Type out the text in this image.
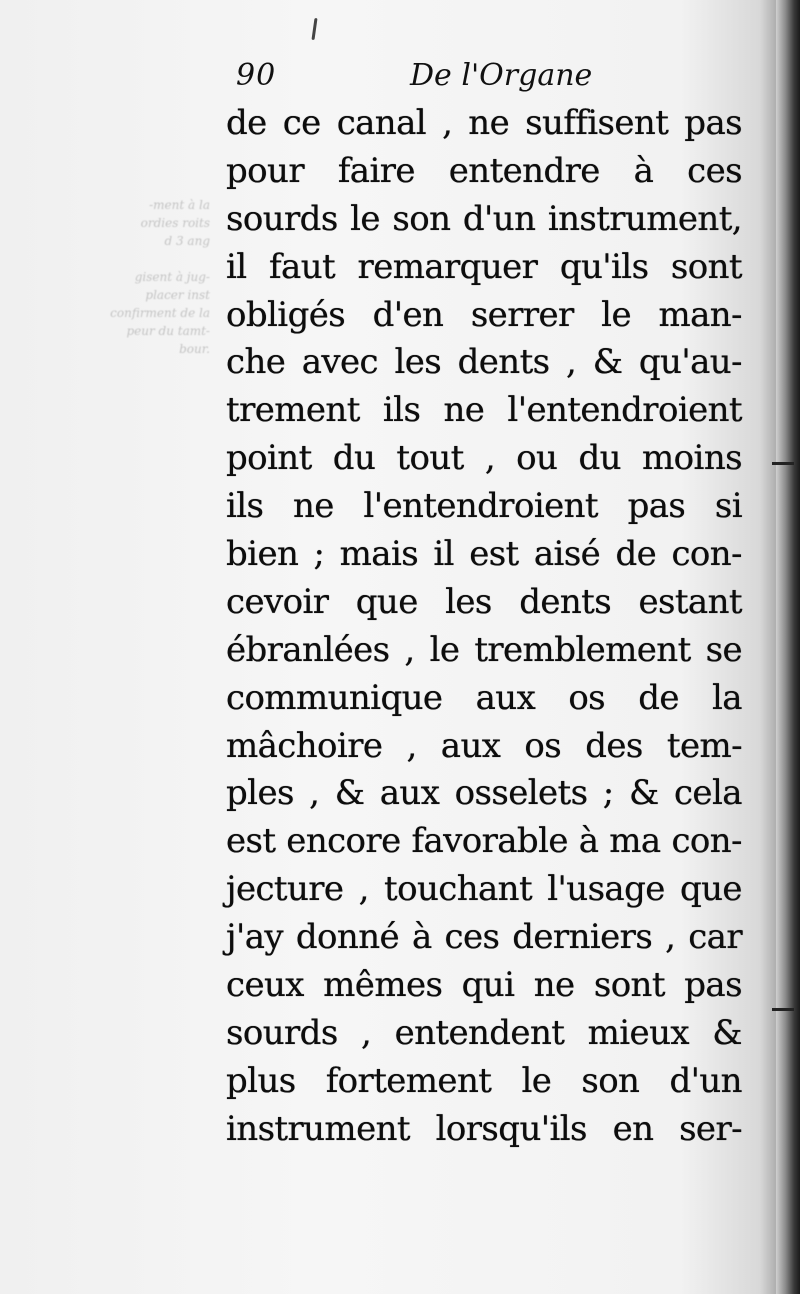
-ment à la
ordies roits
d 3 ang
gisent à jug-
placer inst
confirment de la
peur du tamt-
bour.
90	De l'Organe
de ce canal , ne suffisent pas
pour faire entendre à ces
sourds le son d'un instrument,
il faut remarquer qu'ils sont
obligés d'en serrer le man-
che avec les dents , & qu'au-
trement ils ne l'entendroient
point du tout , ou du moins
ils ne l'entendroient pas si
bien ; mais il est aisé de con-
cevoir que les dents estant
ébranlées , le tremblement se
communique aux os de la
mâchoire , aux os des tem-
ples , & aux osselets ; & cela
est encore favorable à ma con-
jecture , touchant l'usage que
j'ay donné à ces derniers , car
ceux mêmes qui ne sont pas
sourds , entendent mieux &
plus fortement le son d'un
instrument lorsqu'ils en ser-
